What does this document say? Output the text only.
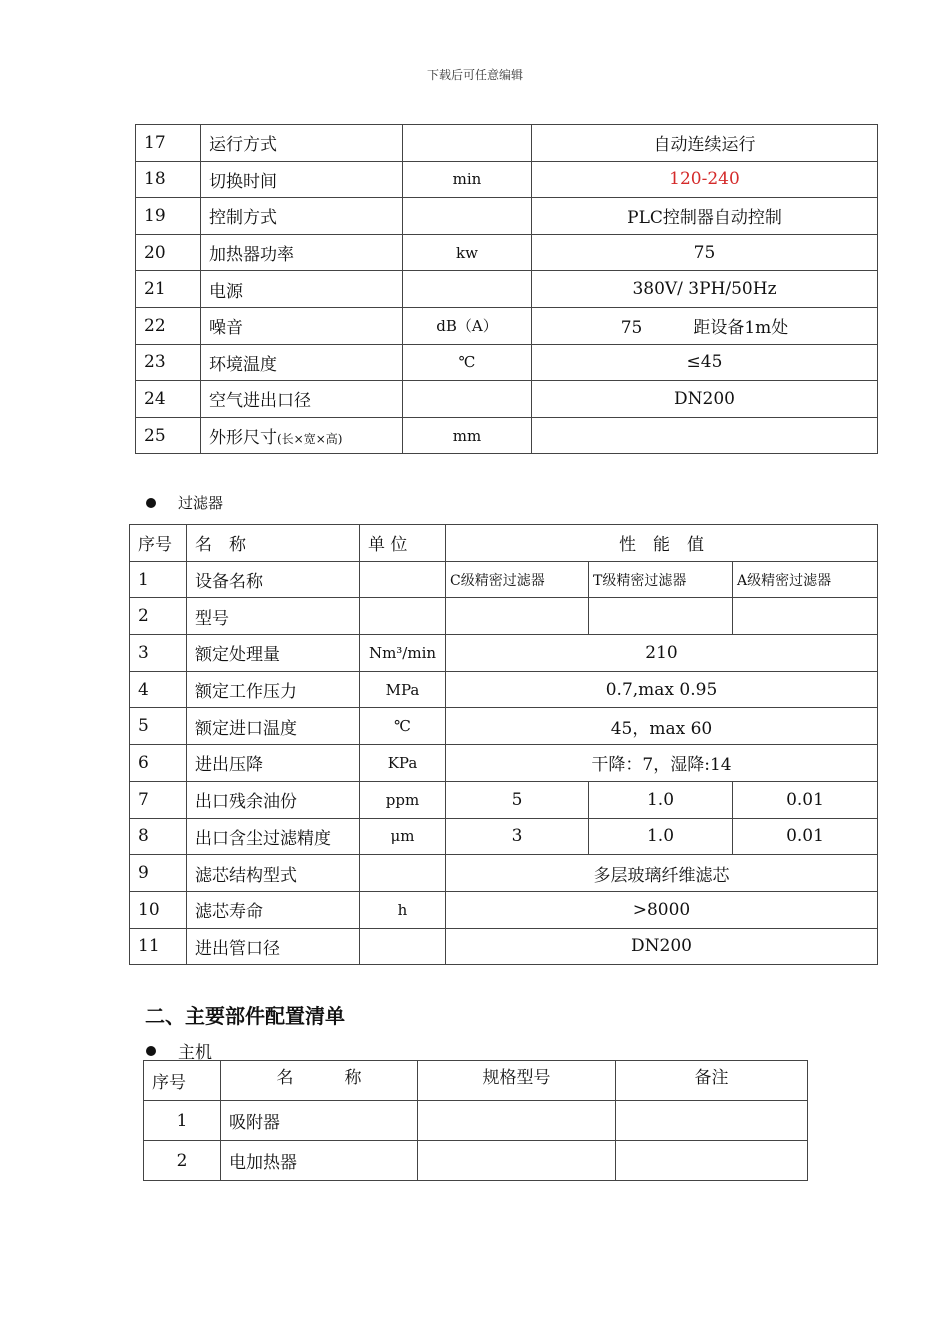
下载后可任意编辑
17	运行方式		自动连续运行
18	切换时间	min	120-240
19	控制方式		PLC控制器自动控制
20	加热器功率	kw	75
21	电源		380V/ 3PH/50Hz
22	噪音	dB（A）	75　　　距设备1m处
23	环境温度	℃	≤45
24	空气进出口径		DN200
25	外形尺寸(长×宽×高)	mm	
过滤器
序号	名　称	单 位	性　能　值		
1	设备名称		C级精密过滤器	T级精密过滤器	A级精密过滤器
2	型号				
3	额定处理量	Nm³/min	210		
4	额定工作压力	MPa	0.7,max 0.95		
5	额定进口温度	℃	45，max 60		
6	进出压降	KPa	干降：7，湿降:14		
7	出口残余油份	ppm	5	1.0	0.01
8	出口含尘过滤精度	μm	3	1.0	0.01
9	滤芯结构型式		多层玻璃纤维滤芯		
10	滤芯寿命	h	>8000		
11	进出管口径		DN200		
二、主要部件配置清单
主机
序号	名　　　称	规格型号	备注
1	吸附器		
2	电加热器		
